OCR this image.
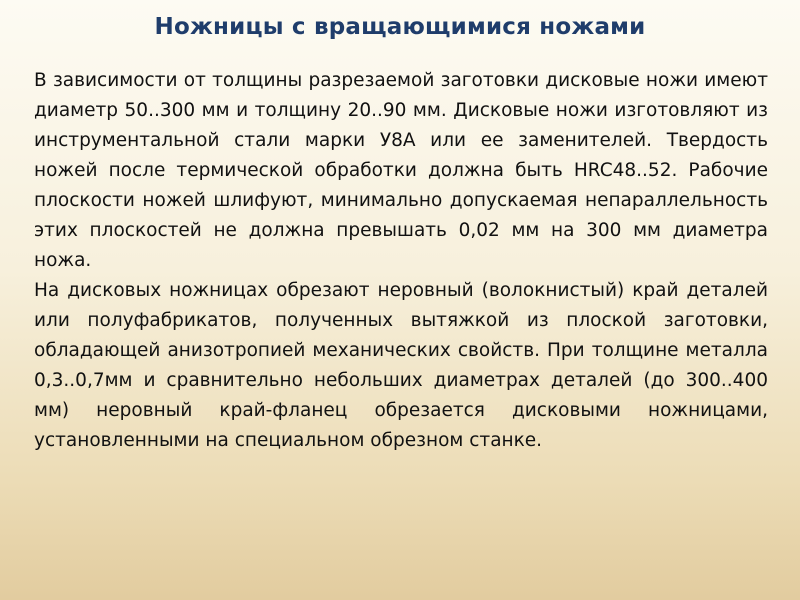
Ножницы с вращающимися ножами

В зависимости от толщины разрезаемой заготовки дисковые ножи имеют диаметр 50..300 мм и толщину 20..90 мм. Дисковые ножи изготовляют из инструментальной стали марки У8А или ее заменителей. Твердость ножей после термической обработки должна быть HRC48..52. Рабочие плоскости ножей шлифуют, минимально допускаемая непараллельность этих плоскостей не должна превышать 0,02 мм на 300 мм диаметра ножа.

На дисковых ножницах обрезают неровный (волокнистый) край деталей или полуфабрикатов, полученных вытяжкой из плоской заготовки, обладающей анизотропией механических свойств. При толщине металла 0,3..0,7мм и сравнительно небольших диаметрах деталей (до 300..400 мм) неровный край-фланец обрезается дисковыми ножницами, установленными на специальном обрезном станке.
